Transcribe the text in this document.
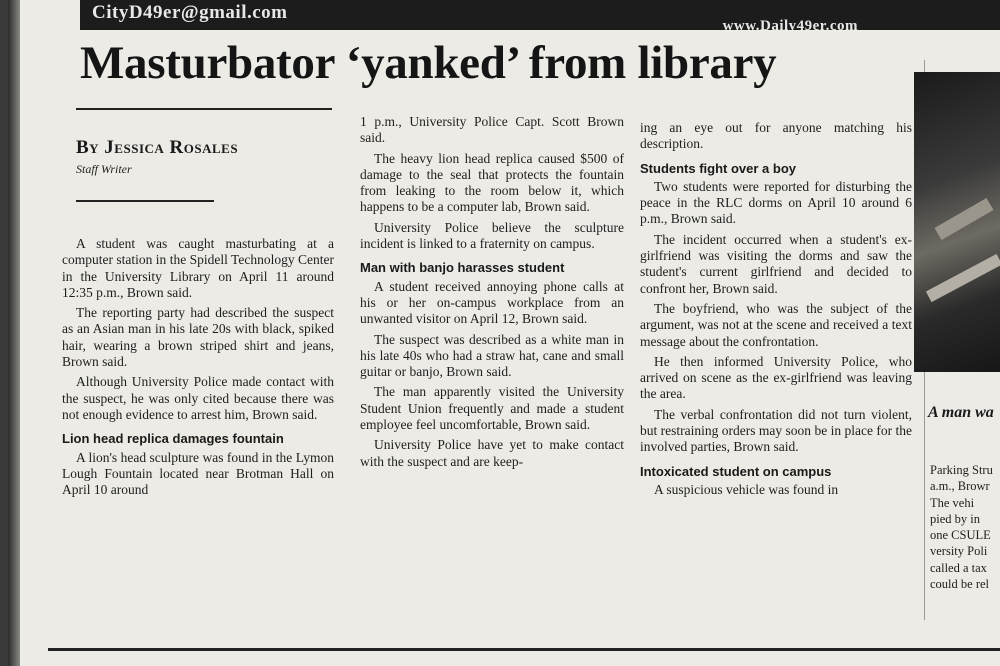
CityD49er@gmail.com
www.Daily49er.com
Masturbator ‘yanked’ from library
By Jessica Rosales
Staff Writer

A student was caught masturbating at a computer station in the Spidell Technology Center in the University Library on April 11 around 12:35 p.m., Brown said.

The reporting party had described the suspect as an Asian man in his late 20s with black, spiked hair, wearing a brown striped shirt and jeans, Brown said.

Although University Police made contact with the suspect, he was only cited because there was not enough evidence to arrest him, Brown said.

Lion head replica damages fountain

A lion's head sculpture was found in the Lymon Lough Fountain located near Brotman Hall on April 10 around

1 p.m., University Police Capt. Scott Brown said.

The heavy lion head replica caused $500 of damage to the seal that protects the fountain from leaking to the room below it, which happens to be a computer lab, Brown said.

University Police believe the sculpture incident is linked to a fraternity on campus.

Man with banjo harasses student

A student received annoying phone calls at his or her on-campus workplace from an unwanted visitor on April 12, Brown said.

The suspect was described as a white man in his late 40s who had a straw hat, cane and small guitar or banjo, Brown said.

The man apparently visited the University Student Union frequently and made a student employee feel uncomfortable, Brown said.

University Police have yet to make contact with the suspect and are keep-

ing an eye out for anyone matching his description.

Students fight over a boy

Two students were reported for disturbing the peace in the RLC dorms on April 10 around 6 p.m., Brown said.

The incident occurred when a student's ex-girlfriend was visiting the dorms and saw the student's current girlfriend and decided to confront her, Brown said.

The boyfriend, who was the subject of the argument, was not at the scene and received a text message about the confrontation.

He then informed University Police, who arrived on scene as the ex-girlfriend was leaving the area.

The verbal confrontation did not turn violent, but restraining orders may soon be in place for the involved parties, Brown said.

Intoxicated student on campus

A suspicious vehicle was found in

A man wa

Parking Stru

a.m., Browr

The vehi

pied by in

one CSULE

versity Poli

called a tax

could be rel
